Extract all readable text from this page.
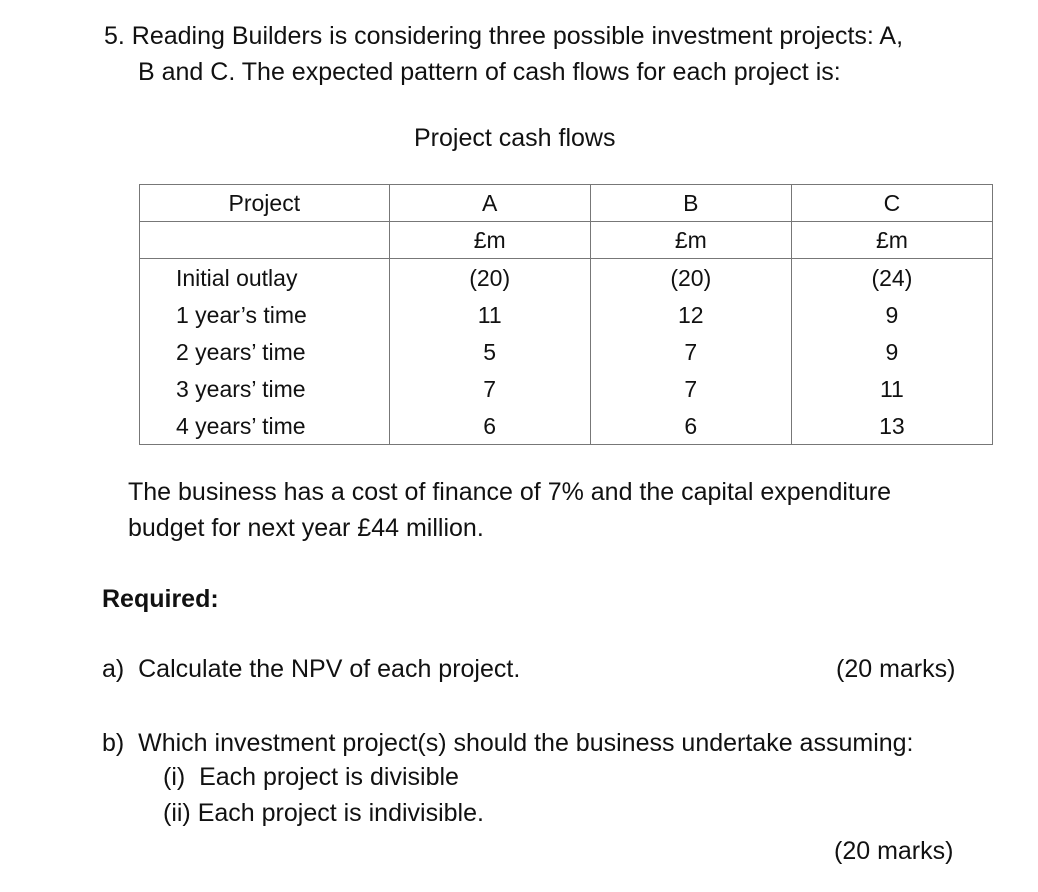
5. Reading Builders is considering three possible investment projects: A,
B and C. The expected pattern of cash flows for each project is:
Project cash flows
Project	A	B	C
	£m	£m	£m
Initial outlay	(20)	(20)	(24)
1 year’s time	11	12	9
2 years’ time	5	7	9
3 years’ time	7	7	11
4 years’ time	6	6	13
The business has a cost of finance of 7% and the capital expenditure
budget for next year £44 million.
Required:
a)  Calculate the NPV of each project.	(20 marks)
b)  Which investment project(s) should the business undertake assuming:
(i)  Each project is divisible
(ii) Each project is indivisible.
(20 marks)
